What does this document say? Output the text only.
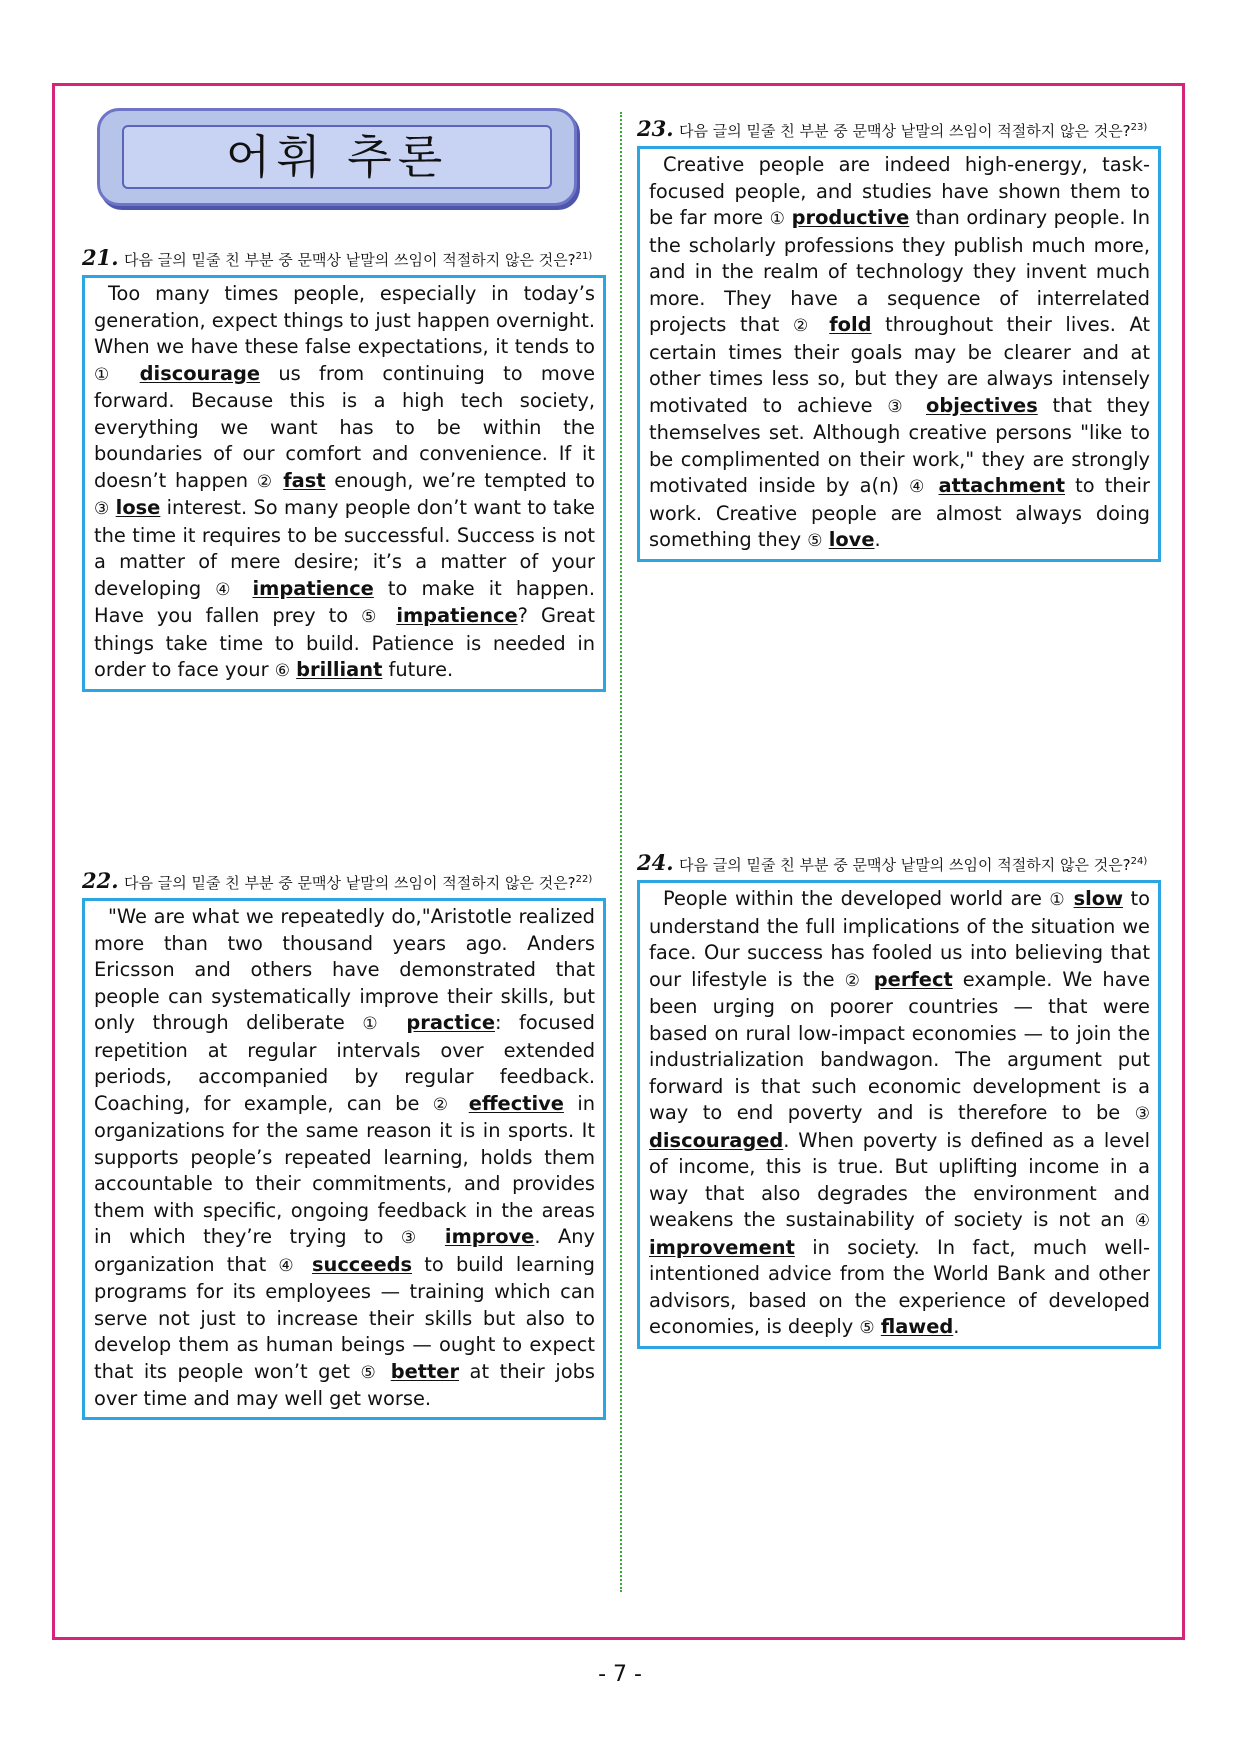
어휘 추론
21. 다음 글의 밑줄 친 부분 중 문맥상 낱말의 쓰임이 적절하지 않은 것은?$^{21)}$
Too many times people, especially in today’s generation, expect things to just happen overnight. When we have these false expectations, it tends to ① discourage us from continuing to move forward. Because this is a high tech society, everything we want has to be within the boundaries of our comfort and convenience. If it doesn’t happen ② fast enough, we’re tempted to ③ lose interest. So many people don’t want to take the time it requires to be successful. Success is not a matter of mere desire; it’s a matter of your developing ④ impatience to make it happen. Have you fallen prey to ⑤ impatience? Great things take time to build. Patience is needed in order to face your ⑥ brilliant future.
22. 다음 글의 밑줄 친 부분 중 문맥상 낱말의 쓰임이 적절하지 않은 것은?$^{22)}$
"We are what we repeatedly do,"Aristotle realized more than two thousand years ago. Anders Ericsson and others have demonstrated that people can systematically improve their skills, but only through deliberate ① practice: focused repetition at regular intervals over extended periods, accompanied by regular feedback. Coaching, for example, can be ② effective in organizations for the same reason it is in sports. It supports people’s repeated learning, holds them accountable to their commitments, and provides them with specific, ongoing feedback in the areas in which they’re trying to ③ improve. Any organization that ④ succeeds to build learning programs for its employees — training which can serve not just to increase their skills but also to develop them as human beings — ought to expect that its people won’t get ⑤ better at their jobs over time and may well get worse.
23. 다음 글의 밑줄 친 부분 중 문맥상 낱말의 쓰임이 적절하지 않은 것은?$^{23)}$
Creative people are indeed high-energy, task-focused people, and studies have shown them to be far more ① productive than ordinary people. In the scholarly professions they publish much more, and in the realm of technology they invent much more. They have a sequence of interrelated projects that ② fold throughout their lives. At certain times their goals may be clearer and at other times less so, but they are always intensely motivated to achieve ③ objectives that they themselves set. Although creative persons "like to be complimented on their work," they are strongly motivated inside by a(n) ④ attachment to their work. Creative people are almost always doing something they ⑤ love.
24. 다음 글의 밑줄 친 부분 중 문맥상 낱말의 쓰임이 적절하지 않은 것은?$^{24)}$
People within the developed world are ① slow to understand the full implications of the situation we face. Our success has fooled us into believing that our lifestyle is the ② perfect example. We have been urging on poorer countries — that were based on rural low-impact economies — to join the industrialization bandwagon. The argument put forward is that such economic development is a way to end poverty and is therefore to be ③ discouraged. When poverty is defined as a level of income, this is true. But uplifting income in a way that also degrades the environment and weakens the sustainability of society is not an ④ improvement in society. In fact, much well- intentioned advice from the World Bank and other advisors, based on the experience of developed economies, is deeply ⑤ flawed.
- 7 -
